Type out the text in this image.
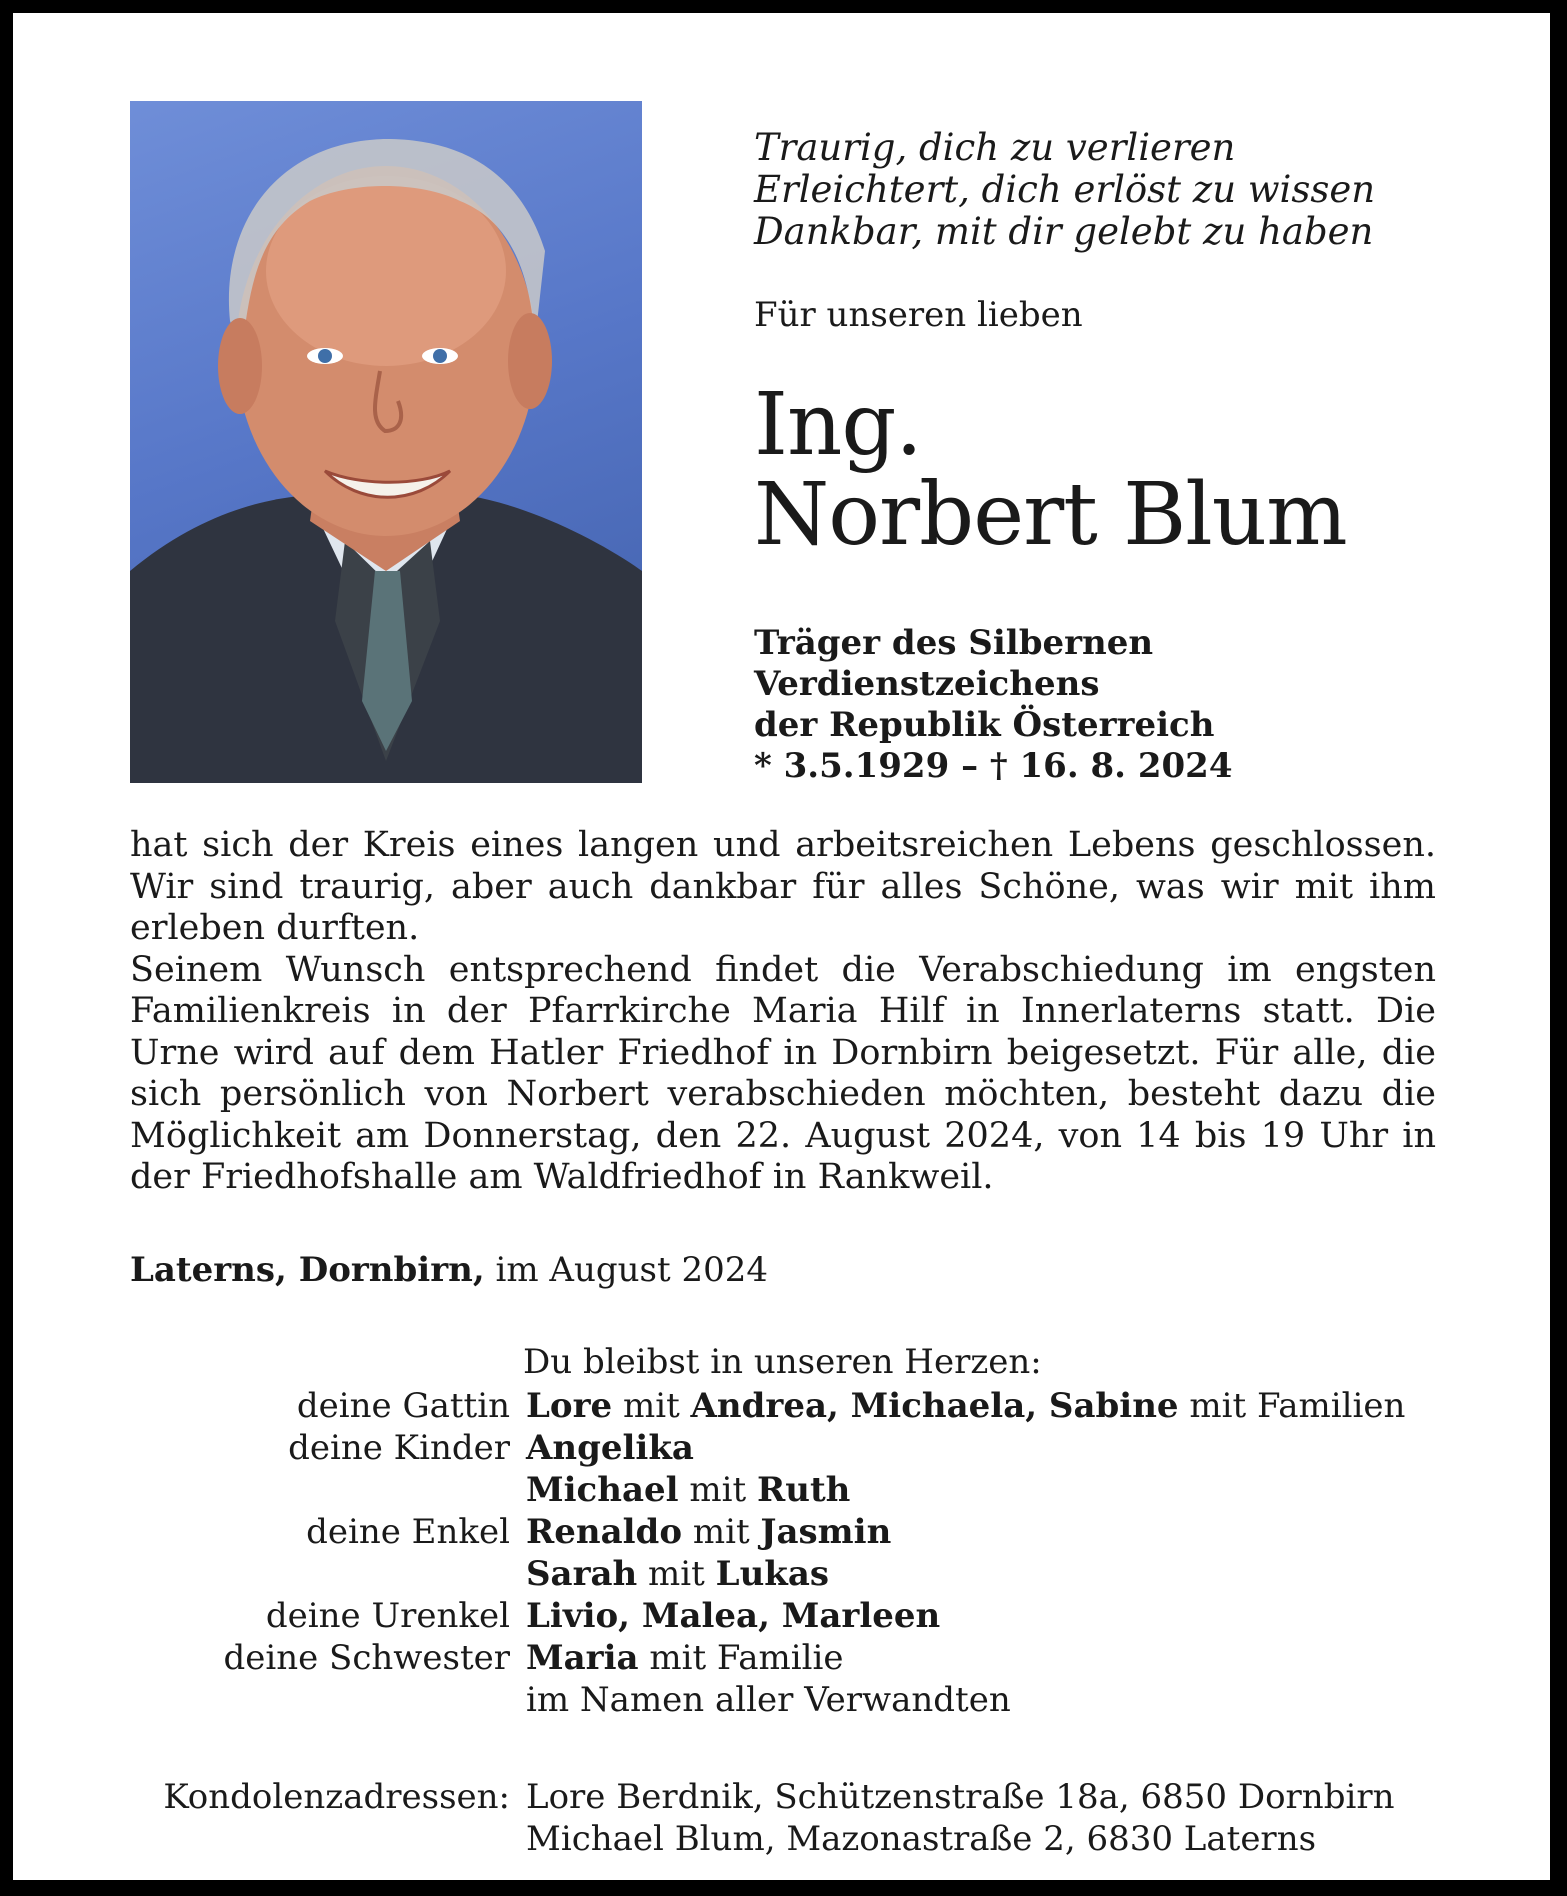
Traurig, dich zu verlieren
Erleichtert, dich erlöst zu wissen
Dankbar, mit dir gelebt zu haben
Für unseren lieben
Ing.
Norbert Blum
Träger des Silbernen
Verdienstzeichens
der Republik Österreich
* 3.5.1929 – † 16. 8. 2024

hat sich der Kreis eines langen und arbeitsreichen Lebens geschlossen. Wir sind traurig, aber auch dankbar für alles Schöne, was wir mit ihm erleben durften.

Seinem Wunsch entsprechend findet die Verabschiedung im engsten Familienkreis in der Pfarrkirche Maria Hilf in Innerlaterns statt. Die Urne wird auf dem Hatler Friedhof in Dornbirn beigesetzt. Für alle, die sich persönlich von Norbert verabschieden möchten, besteht dazu die Möglichkeit am Donnerstag, den 22. August 2024, von 14 bis 19 Uhr in der Friedhofshalle am Waldfriedhof in Rankweil.

Laterns, Dornbirn, im August 2024
Du bleibst in unseren Herzen:
deine Gattin Lore mit Andrea, Michaela, Sabine mit Familien
deine Kinder Angelika
Michael mit Ruth
deine Enkel Renaldo mit Jasmin
Sarah mit Lukas
deine Urenkel Livio, Malea, Marleen
deine Schwester Maria mit Familie
im Namen aller Verwandten
Kondolenzadressen: Lore Berdnik, Schützenstraße 18a, 6850 Dornbirn
Michael Blum, Mazonastraße 2, 6830 Laterns
